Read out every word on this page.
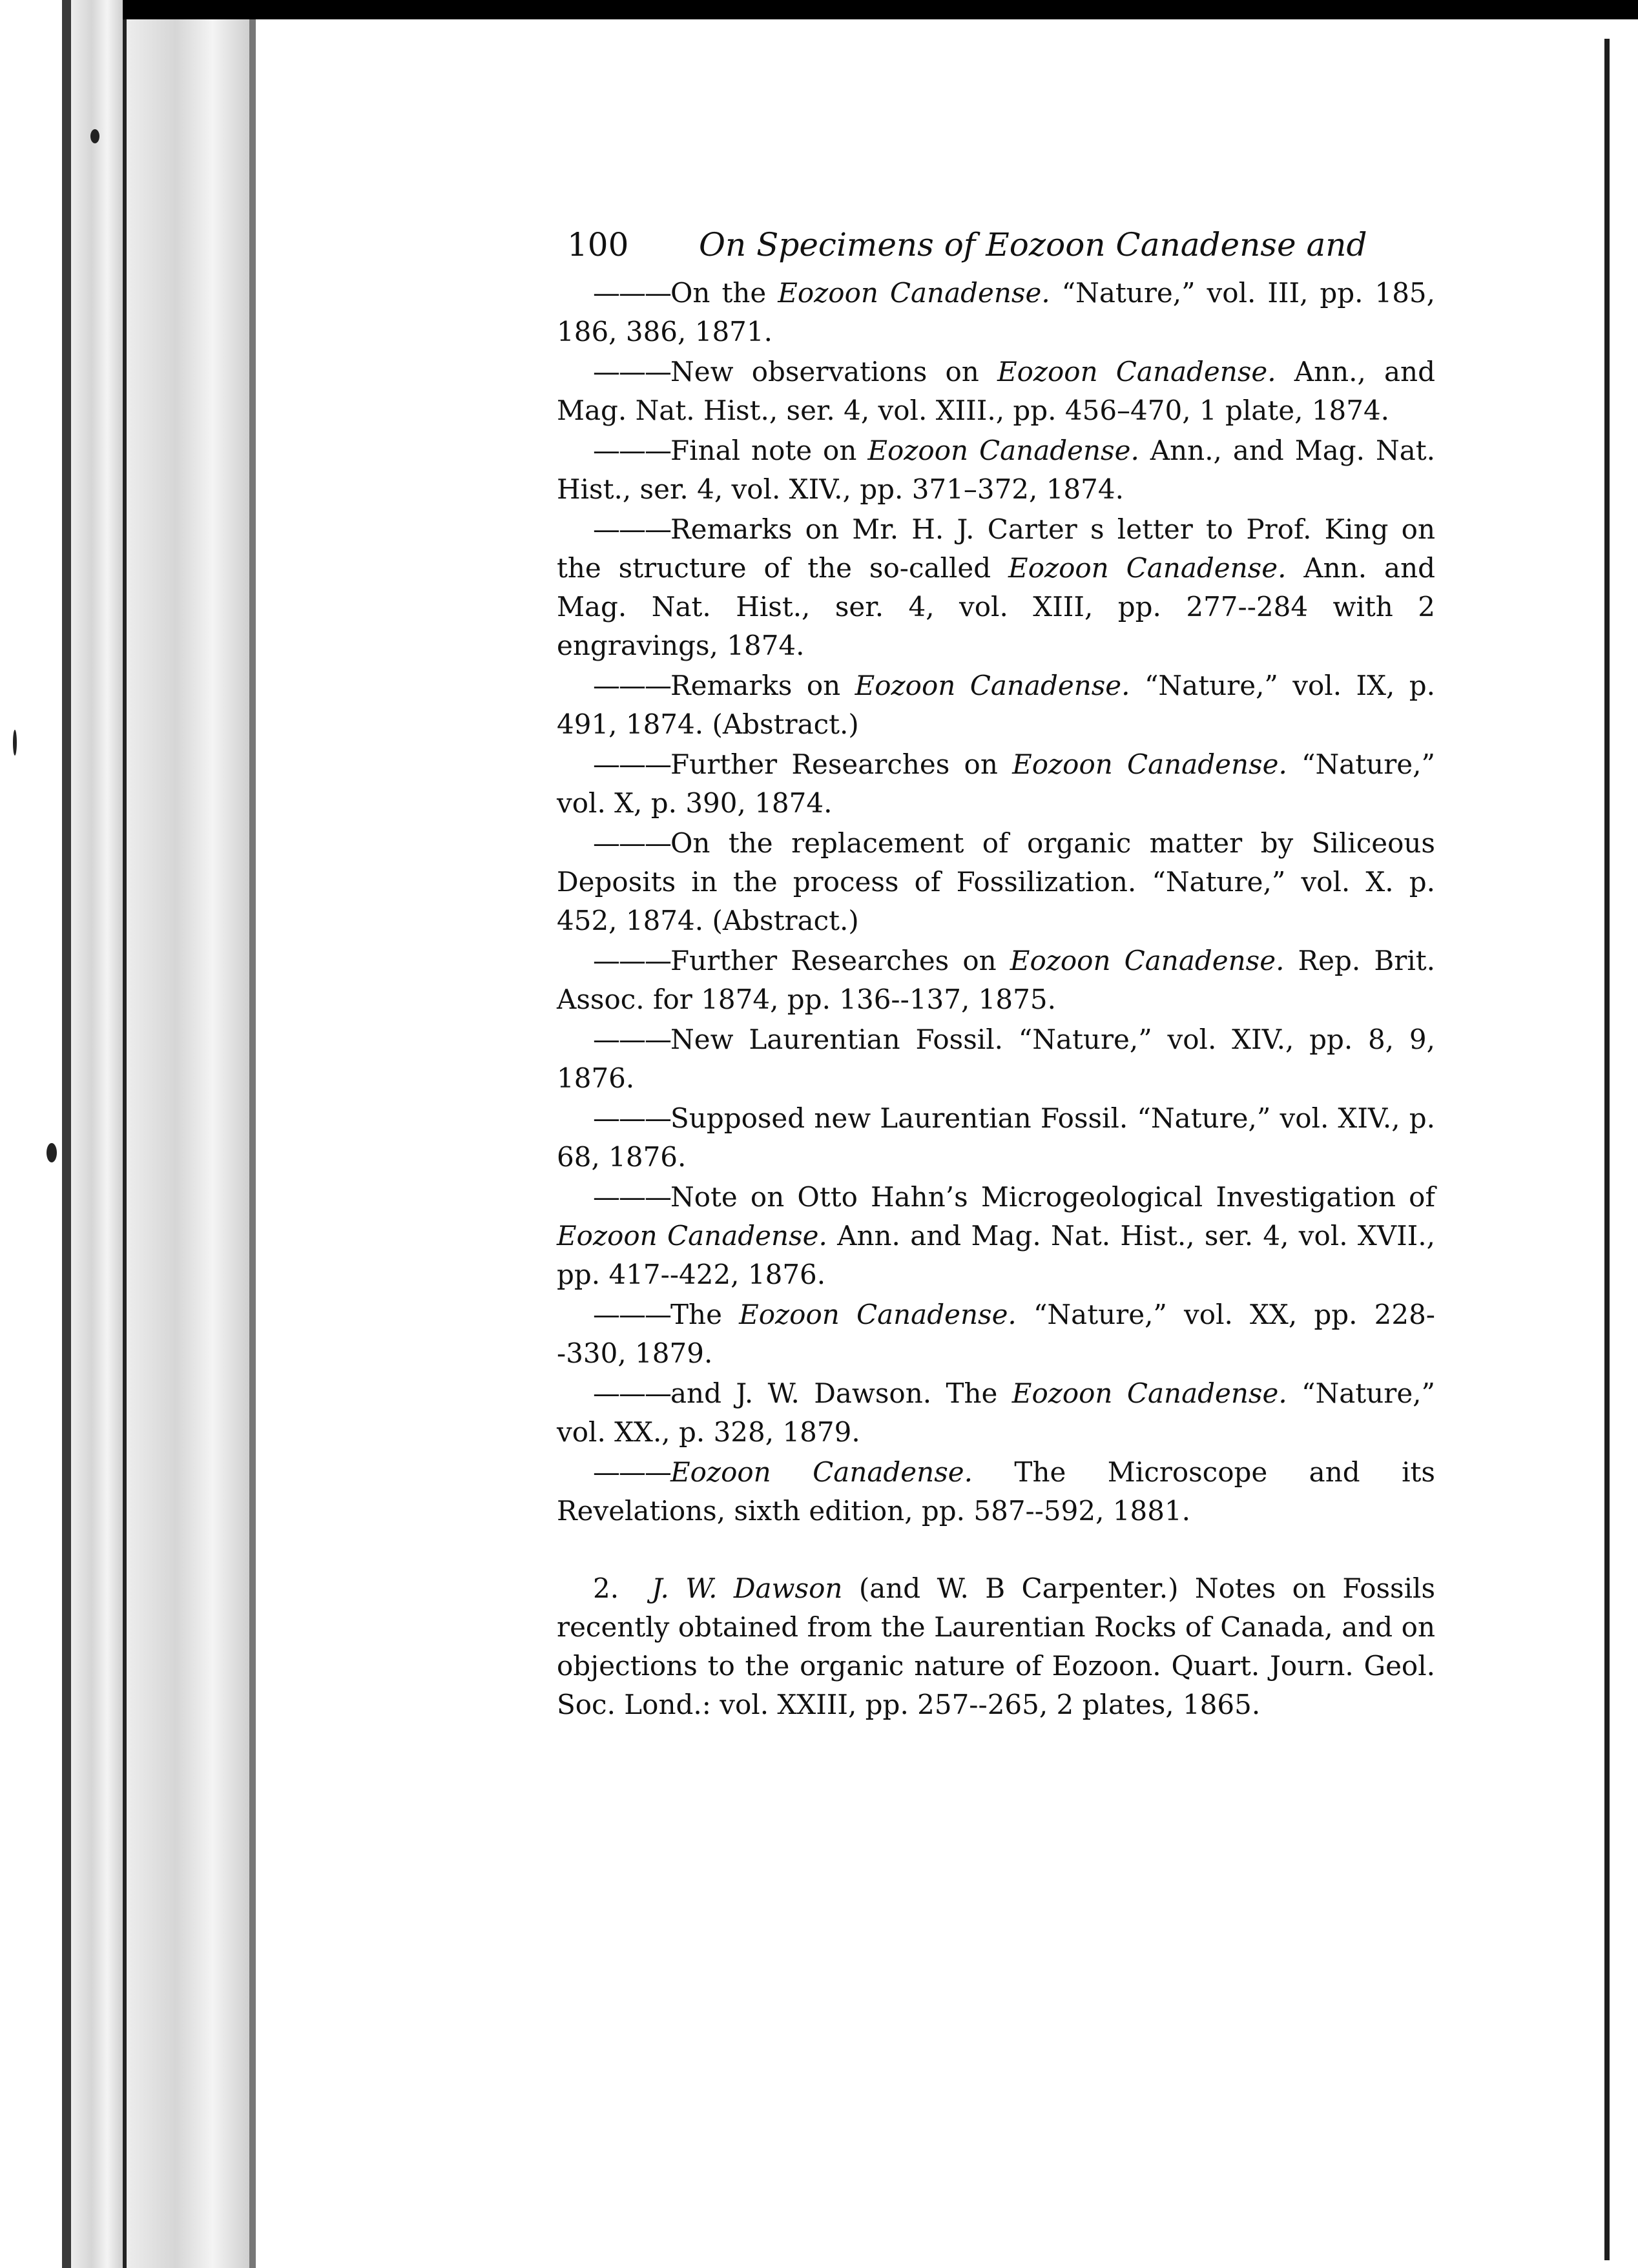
100 On Specimens of Eozoon Canadense and

———On the Eozoon Canadense. “Nature,” vol. III, pp. 185, 186, 386, 1871.

———New observations on Eozoon Canadense. Ann., and Mag. Nat. Hist., ser. 4, vol. XIII., pp. 456–470, 1 plate, 1874.

———Final note on Eozoon Canadense. Ann., and Mag. Nat. Hist., ser. 4, vol. XIV., pp. 371–372, 1874.

———Remarks on Mr. H. J. Carter s letter to Prof. King on the structure of the so-called Eozoon Canadense. Ann. and Mag. Nat. Hist., ser. 4, vol. XIII, pp. 277--284 with 2 engravings, 1874.

———Remarks on Eozoon Canadense. “Nature,” vol. IX, p. 491, 1874. (Abstract.)

———Further Researches on Eozoon Canadense. “Nature,” vol. X, p. 390, 1874.

———On the replacement of organic matter by Siliceous Deposits in the process of Fossilization. “Nature,” vol. X. p. 452, 1874. (Abstract.)

———Further Researches on Eozoon Canadense. Rep. Brit. Assoc. for 1874, pp. 136--137, 1875.

———New Laurentian Fossil. “Nature,” vol. XIV., pp. 8, 9, 1876.

———Supposed new Laurentian Fossil. “Nature,” vol. XIV., p. 68, 1876.

———Note on Otto Hahn’s Microgeological Investigation of Eozoon Canadense. Ann. and Mag. Nat. Hist., ser. 4, vol. XVII., pp. 417--422, 1876.

———The Eozoon Canadense. “Nature,” vol. XX, pp. 228--330, 1879.

———and J. W. Dawson. The Eozoon Canadense. “Nature,” vol. XX., p. 328, 1879.

———Eozoon Canadense. The Microscope and its Revelations, sixth edition, pp. 587--592, 1881.

2. J. W. Dawson (and W. B Carpenter.) Notes on Fossils recently obtained from the Laurentian Rocks of Canada, and on objections to the organic nature of Eozoon. Quart. Journ. Geol. Soc. Lond.: vol. XXIII, pp. 257--265, 2 plates, 1865.
